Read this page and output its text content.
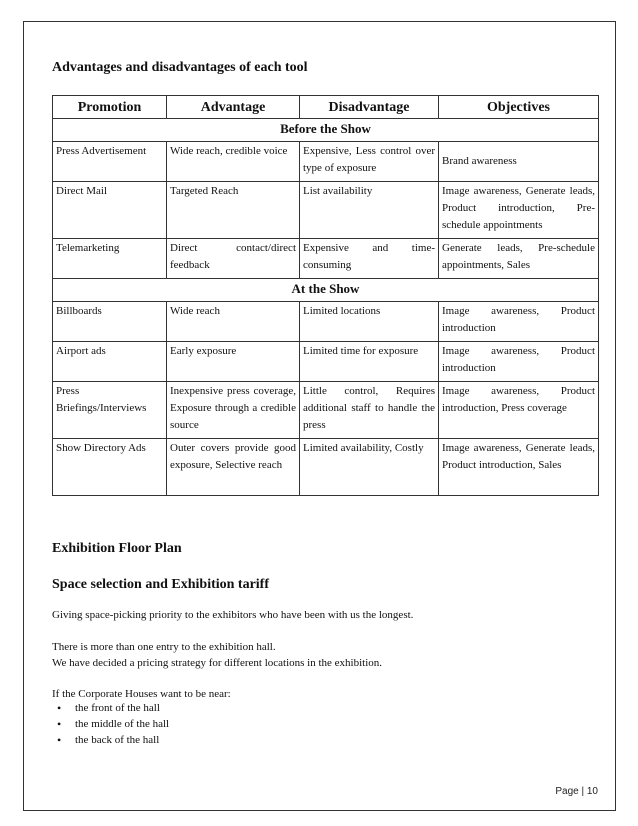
Advantages and disadvantages of each tool
Promotion	Advantage	Disadvantage	Objectives
Before the Show			
Press Advertisement	Wide reach, credible voice	Expensive, Less control over type of exposure	Brand awareness
Direct Mail	Targeted Reach	List availability	Image awareness, Generate leads, Product introduction, Pre-schedule appointments
Telemarketing	Direct contact/direct feedback	Expensive and time-consuming	Generate leads, Pre-schedule appointments, Sales
At the Show			
Billboards	Wide reach	Limited locations	Image awareness, Product introduction
Airport ads	Early exposure	Limited time for exposure	Image awareness, Product introduction
Press Briefings/Interviews	Inexpensive press coverage, Exposure through a credible source	Little control, Requires additional staff to handle the press	Image awareness, Product introduction, Press coverage
Show Directory Ads	Outer covers provide good exposure, Selective reach	Limited availability, Costly	Image awareness, Generate leads, Product introduction, Sales
Exhibition Floor Plan
Space selection and Exhibition tariff

Giving space-picking priority to the exhibitors who have been with us the longest.

There is more than one entry to the exhibition hall.

We have decided a pricing strategy for different locations in the exhibition.

If the Corporate Houses want to be near:

• the front of the hall
• the middle of the hall
• the back of the hall
Page | 10
